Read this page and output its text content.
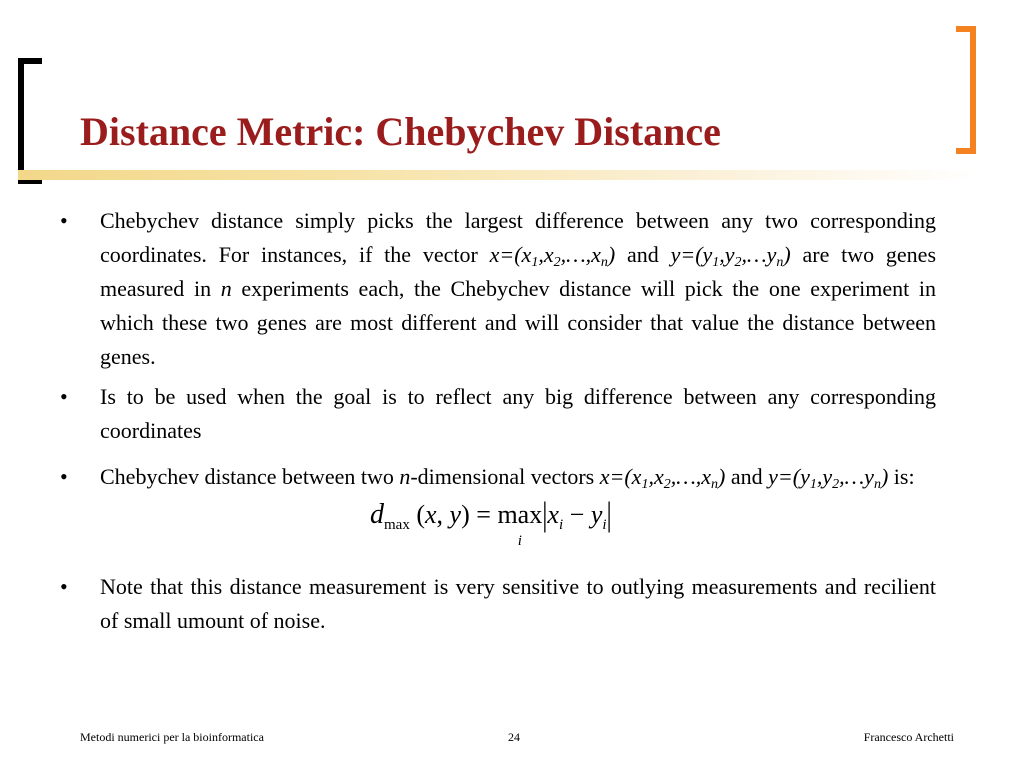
Distance Metric: Chebychev Distance
• Chebychev distance simply picks the largest difference between any two corresponding coordinates. For instances, if the vector $x=(x_1,x_2,\dots,x_n)$ and $y=(y_1,y_2,\dots y_n)$ are two genes measured in n experiments each, the Chebychev distance will pick the one experiment in which these two genes are most different and will consider that value the distance between genes.
• Is to be used when the goal is to reflect any big difference between any corresponding coordinates
• Chebychev distance between two n-dimensional vectors $x=(x_1,x_2,\dots,x_n)$ and $y=(y_1,y_2,\dots y_n)$ is:
$d_{max}$ (x, y) = max
i
$|x_i - y_i|$
• Note that this distance measurement is very sensitive to outlying measurements and recilient of small umount of noise.
Metodi numerici per la bioinformatica	24	Francesco Archetti
